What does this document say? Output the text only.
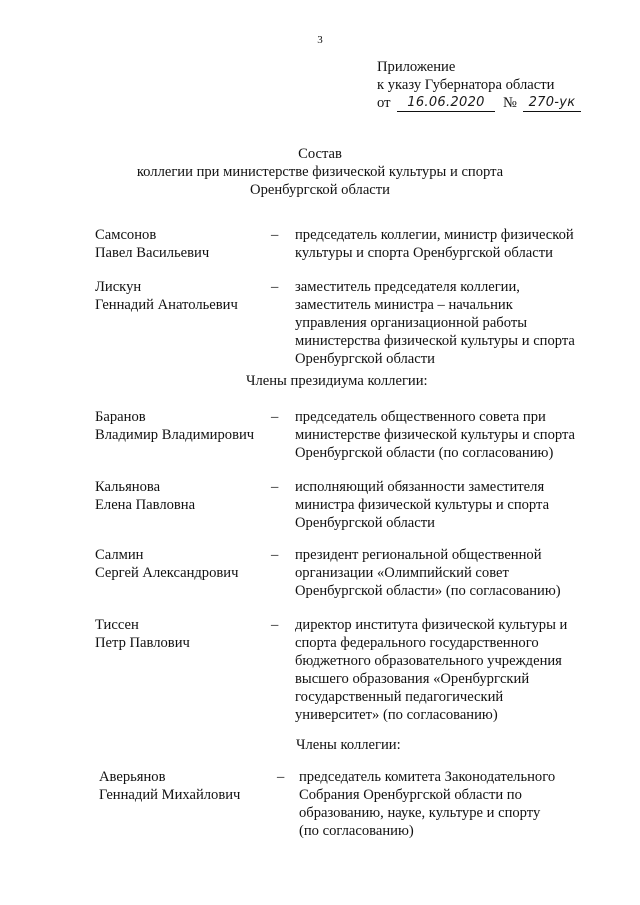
3
Приложение
к указу Губернатора области
от	16.06.2020	№ 270-ук
Состав
коллегии при министерстве физической культуры и спорта
Оренбургской области
Самсонов
Павел Васильевич
– председатель коллегии, министр физической
культуры и спорта Оренбургской области
Лискун
Геннадий Анатольевич
– заместитель председателя коллегии,
заместитель министра – начальник
управления организационной работы
министерства физической культуры и спорта
Оренбургской области
Члены президиума коллегии:
Баранов
Владимир Владимирович
– председатель общественного совета при
министерстве физической культуры и спорта
Оренбургской области (по согласованию)
Кальянова
Елена Павловна
– исполняющий обязанности заместителя
министра физической культуры и спорта
Оренбургской области
Салмин
Сергей Александрович
– президент региональной общественной
организации «Олимпийский совет
Оренбургской области» (по согласованию)
Тиссен
Петр Павлович
– директор института физической культуры и
спорта федерального государственного
бюджетного образовательного учреждения
высшего образования «Оренбургский
государственный педагогический
университет» (по согласованию)
Члены коллегии:
Аверьянов
Геннадий Михайлович
– председатель комитета Законодательного
Собрания Оренбургской области по
образованию, науке, культуре и спорту
(по согласованию)
